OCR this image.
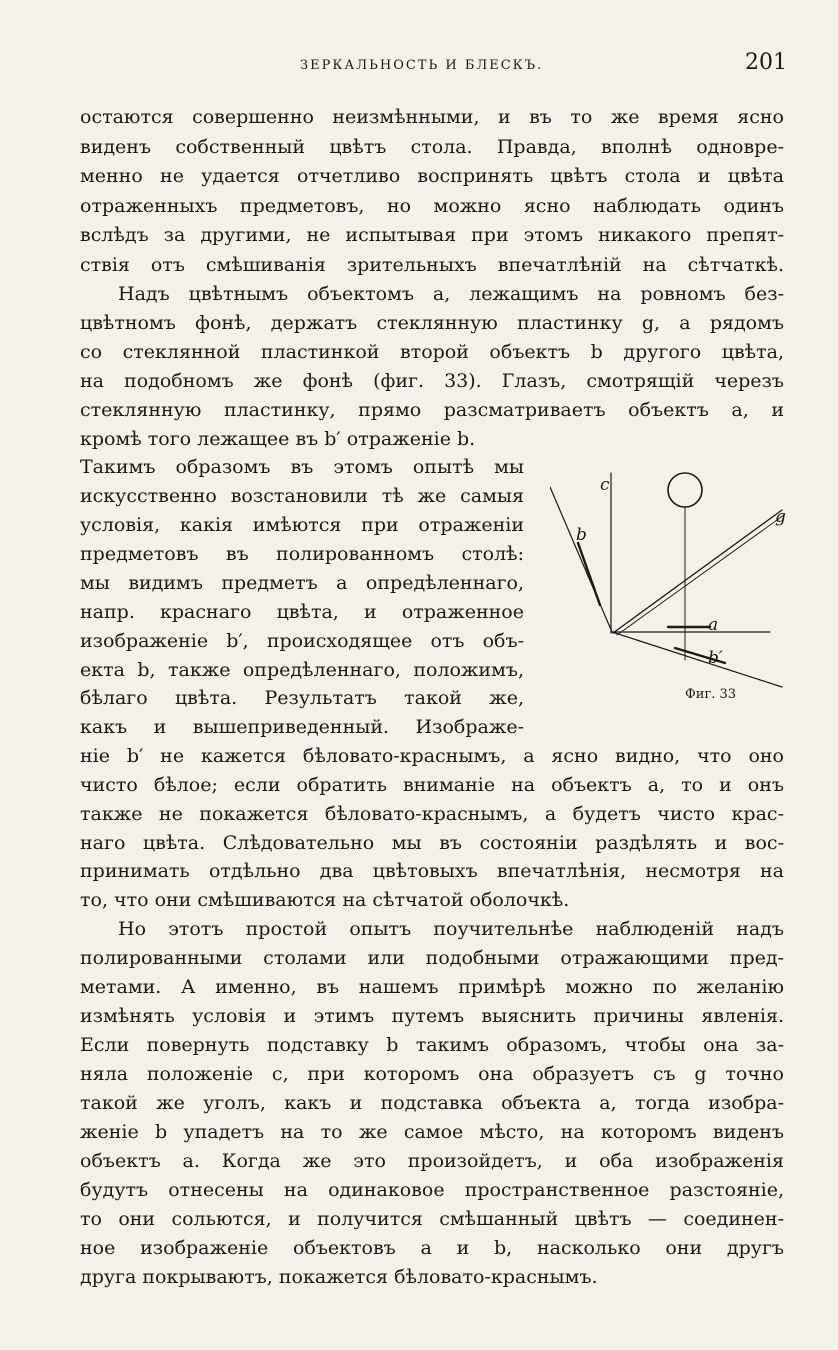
ЗЕРКАЛЬНОСТЬ И БЛЕСКЪ.	201
остаются совершенно неизмѣнными, и въ то же время ясно
виденъ собственный цвѣтъ стола. Правда, вполнѣ одновре-
менно не удается отчетливо воспринять цвѣтъ стола и цвѣта
отраженныхъ предметовъ, но можно ясно наблюдать одинъ
вслѣдъ за другими, не испытывая при этомъ никакого препят-
ствія отъ смѣшиванія зрительныхъ впечатлѣній на сѣтчаткѣ.
Надъ цвѣтнымъ объектомъ a, лежащимъ на ровномъ без-
цвѣтномъ фонѣ, держатъ стеклянную пластинку g, а рядомъ
со стеклянной пластинкой второй объектъ b другого цвѣта,
на подобномъ же фонѣ (фиг. 33). Глазъ, смотрящій черезъ
стеклянную пластинку, прямо разсматриваетъ объектъ a, и
кромѣ того лежащее въ b′ отраженіе b.
Такимъ образомъ въ этомъ опытѣ мы
искусственно возстановили тѣ же самыя
условія, какія имѣются при отраженіи
предметовъ въ полированномъ столѣ:
мы видимъ предметъ a опредѣленнаго,
напр. краснаго цвѣта, и отраженное
изображеніе b′, происходящее отъ объ-
екта b, также опредѣленнаго, положимъ,
бѣлаго цвѣта. Результатъ такой же,
какъ и вышеприведенный. Изображе-
ніе b′ не кажется бѣловато-краснымъ, а ясно видно, что оно
чисто бѣлое; если обратить вниманіе на объектъ a, то и онъ
также не покажется бѣловато-краснымъ, а будетъ чисто крас-
наго цвѣта. Слѣдовательно мы въ состояніи раздѣлять и вос-
принимать отдѣльно два цвѣтовыхъ впечатлѣнія, несмотря на
то, что они смѣшиваются на сѣтчатой оболочкѣ.
Но этотъ простой опытъ поучительнѣе наблюденій надъ
полированными столами или подобными отражающими пред-
метами. А именно, въ нашемъ примѣрѣ можно по желанію
измѣнять условія и этимъ путемъ выяснить причины явленія.
Если повернуть подставку b такимъ образомъ, чтобы она за-
няла положеніе c, при которомъ она образуетъ съ g точно
такой же уголъ, какъ и подставка объекта a, тогда изобра-
женіе b упадетъ на то же самое мѣсто, на которомъ виденъ
объектъ a. Когда же это произойдетъ, и оба изображенія
будутъ отнесены на одинаковое пространственное разстояніе,
то они сольются, и получится смѣшанный цвѣтъ — соединен-
ное изображеніе объектовъ a и b, насколько они другъ
друга покрываютъ, покажется бѣловато-краснымъ.
c
g
b
a
b′
Фиг. 33
